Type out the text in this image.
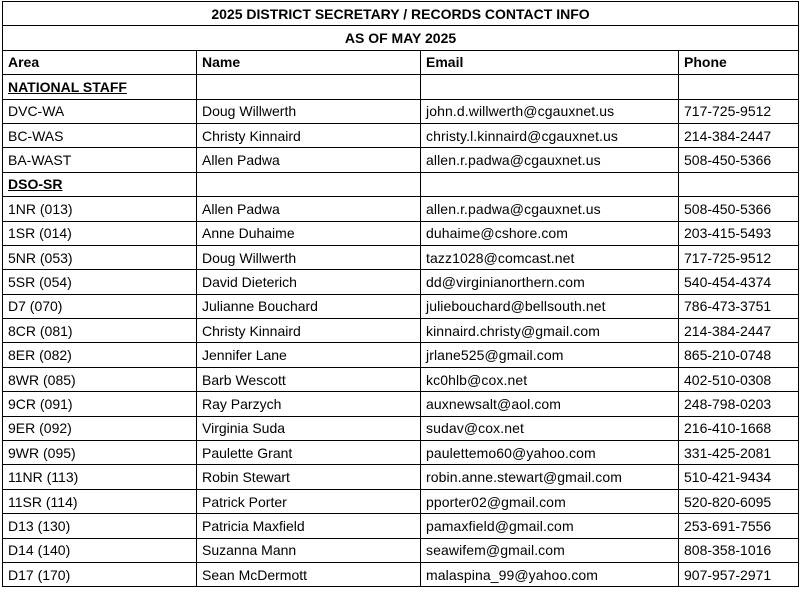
2025 DISTRICT SECRETARY / RECORDS CONTACT INFO			
AS OF MAY 2025			
Area	Name	Email	Phone
NATIONAL STAFF			
DVC-WA	Doug Willwerth	john.d.willwerth@cgauxnet.us	717-725-9512
BC-WAS	Christy Kinnaird	christy.l.kinnaird@cgauxnet.us	214-384-2447
BA-WAST	Allen Padwa	allen.r.padwa@cgauxnet.us	508-450-5366
DSO-SR			
1NR (013)	Allen Padwa	allen.r.padwa@cgauxnet.us	508-450-5366
1SR (014)	Anne Duhaime	duhaime@cshore.com	203-415-5493
5NR (053)	Doug Willwerth	tazz1028@comcast.net	717-725-9512
5SR (054)	David Dieterich	dd@virginianorthern.com	540-454-4374
D7 (070)	Julianne Bouchard	juliebouchard@bellsouth.net	786-473-3751
8CR (081)	Christy Kinnaird	kinnaird.christy@gmail.com	214-384-2447
8ER (082)	Jennifer Lane	jrlane525@gmail.com	865-210-0748
8WR (085)	Barb Wescott	kc0hlb@cox.net	402-510-0308
9CR (091)	Ray Parzych	auxnewsalt@aol.com	248-798-0203
9ER (092)	Virginia Suda	sudav@cox.net	216-410-1668
9WR (095)	Paulette Grant	paulettemo60@yahoo.com	331-425-2081
11NR (113)	Robin Stewart	robin.anne.stewart@gmail.com	510-421-9434
11SR (114)	Patrick Porter	pporter02@gmail.com	520-820-6095
D13 (130)	Patricia Maxfield	pamaxfield@gmail.com	253-691-7556
D14 (140)	Suzanna Mann	seawifem@gmail.com	808-358-1016
D17 (170)	Sean McDermott	malaspina_99@yahoo.com	907-957-2971
